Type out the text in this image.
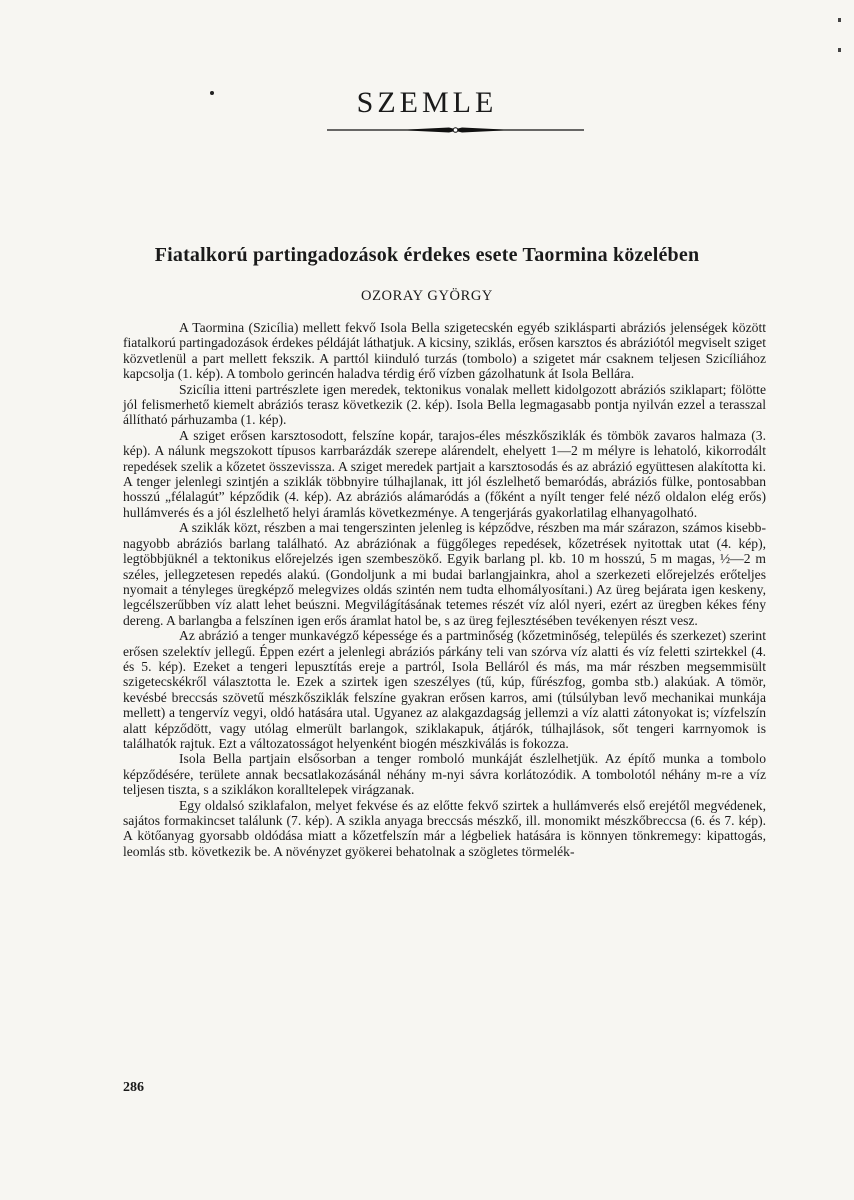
SZEMLE
Fiatalkorú partingadozások érdekes esete Taormina közelében
OZORAY GYÖRGY

A Taormina (Szicília) mellett fekvő Isola Bella szigetecskén egyéb sziklásparti abráziós jelenségek között fiatalkorú partingadozások érdekes példáját láthatjuk. A kicsiny, sziklás, erősen karsztos és abráziótól megviselt sziget közvetlenül a part mellett fekszik. A parttól kiinduló turzás (tombolo) a szigetet már csaknem teljesen Szicíliához kapcsolja (1. kép). A tombolo gerincén haladva térdig érő vízben gázolhatunk át Isola Bellára.

Szicília itteni partrészlete igen meredek, tektonikus vonalak mellett kidolgozott abráziós sziklapart; fölötte jól felismerhető kiemelt abráziós terasz következik (2. kép). Isola Bella legmagasabb pontja nyilván ezzel a terasszal állítható párhuzamba (1. kép).

A sziget erősen karsztosodott, felszíne kopár, tarajos-éles mészkősziklák és tömbök zavaros halmaza (3. kép). A nálunk megszokott típusos karrbarázdák szerepe alárendelt, ehelyett 1—2 m mélyre is lehatoló, kikorrodált repedések szelik a kőzetet összevissza. A sziget meredek partjait a karsztosodás és az abrázió együttesen alakította ki. A tenger jelenlegi szintjén a sziklák többnyire túlhajlanak, itt jól észlelhető bemaródás, abráziós fülke, pontosabban hosszú „félalagút” képződik (4. kép). Az abráziós alámaródás a (főként a nyílt tenger felé néző oldalon elég erős) hullámverés és a jól észlelhető helyi áramlás következménye. A tengerjárás gyakorlatilag elhanyagolható.

A sziklák közt, részben a mai tengerszinten jelenleg is képződve, részben ma már szárazon, számos kisebb-nagyobb abráziós barlang található. Az abráziónak a függőleges repedések, kőzetrések nyitottak utat (4. kép), legtöbbjüknél a tektonikus előrejelzés igen szembeszökő. Egyik barlang pl. kb. 10 m hosszú, 5 m magas, ½—2 m széles, jellegzetesen repedés alakú. (Gondoljunk a mi budai barlangjainkra, ahol a szerkezeti előrejelzés erőteljes nyomait a tényleges üregképző melegvizes oldás szintén nem tudta elhomályosítani.) Az üreg bejárata igen keskeny, legcélszerűbben víz alatt lehet beúszni. Megvilágításának tetemes részét víz alól nyeri, ezért az üregben kékes fény dereng. A barlangba a felszínen igen erős áramlat hatol be, s az üreg fejlesztésében tevékenyen részt vesz.

Az abrázió a tenger munkavégző képessége és a partminőség (kőzetminőség, település és szerkezet) szerint erősen szelektív jellegű. Éppen ezért a jelenlegi abráziós párkány teli van szórva víz alatti és víz feletti szirtekkel (4. és 5. kép). Ezeket a tengeri lepusztítás ereje a partról, Isola Belláról és más, ma már részben megsemmisült szigetecskékről választotta le. Ezek a szirtek igen szeszélyes (tű, kúp, fűrészfog, gomba stb.) alakúak. A tömör, kevésbé breccsás szövetű mészkősziklák felszíne gyakran erősen karros, ami (túlsúlyban levő mechanikai munkája mellett) a tengervíz vegyi, oldó hatására utal. Ugyanez az alakgazdagság jellemzi a víz alatti zátonyokat is; vízfelszín alatt képződött, vagy utólag elmerült barlangok, sziklakapuk, átjárók, túlhajlások, sőt tengeri karrnyomok is találhatók rajtuk. Ezt a változatosságot helyenként biogén mészkiválás is fokozza.

Isola Bella partjain elsősorban a tenger romboló munkáját észlelhetjük. Az építő munka a tombolo képződésére, területe annak becsatlakozásánál néhány m-nyi sávra korlátozódik. A tombolotól néhány m-re a víz teljesen tiszta, s a sziklákon koralltelepek virágzanak.

Egy oldalsó sziklafalon, melyet fekvése és az előtte fekvő szirtek a hullámverés első erejétől megvédenek, sajátos formakincset találunk (7. kép). A szikla anyaga breccsás mészkő, ill. monomikt mészkőbreccsa (6. és 7. kép). A kötőanyag gyorsabb oldódása miatt a kőzetfelszín már a légbeliek hatására is könnyen tönkremegy: kipattogás, leomlás stb. következik be. A növényzet gyökerei behatolnak a szögletes törmelék-

286
